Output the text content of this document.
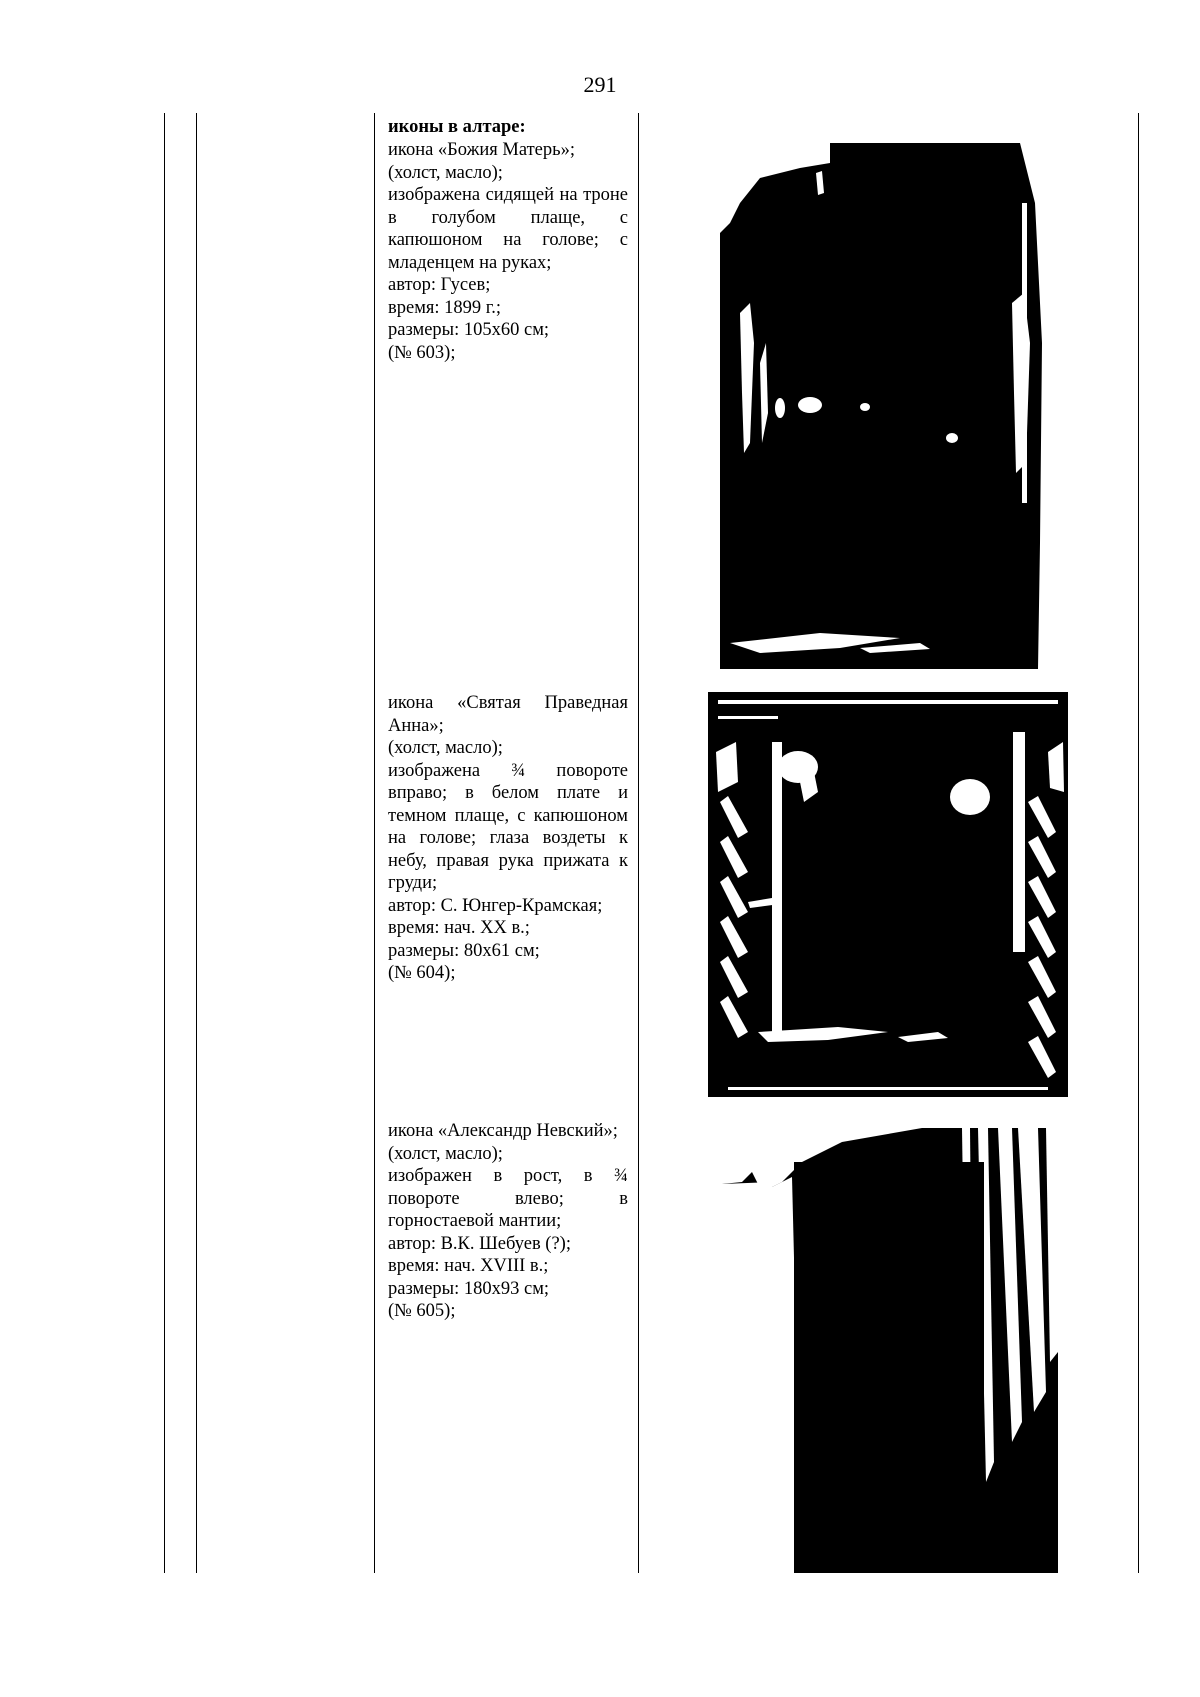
291
иконы в алтаре:
икона «Божия Матерь»;
(холст, масло);
изображена сидящей на троне в голубом плаще, с капюшоном на голове; с младенцем на руках;
автор: Гусев;
время: 1899 г.;
размеры: 105х60 см;
(№ 603);
икона «Святая Праведная Анна»;
(холст, масло);
изображена ¾ повороте вправо; в белом плате и темном плаще, с капюшоном на голове; глаза воздеты к небу, правая рука прижата к груди;
автор: С. Юнгер-Крамская;
время: нач. XX в.;
размеры: 80х61 см;
(№ 604);
икона «Александр Невский»;
(холст, масло);
изображен в рост, в ¾ повороте влево; в горностаевой мантии;
автор: В.К. Шебуев (?);
время: нач. XVIII в.;
размеры: 180х93 см;
(№ 605);
